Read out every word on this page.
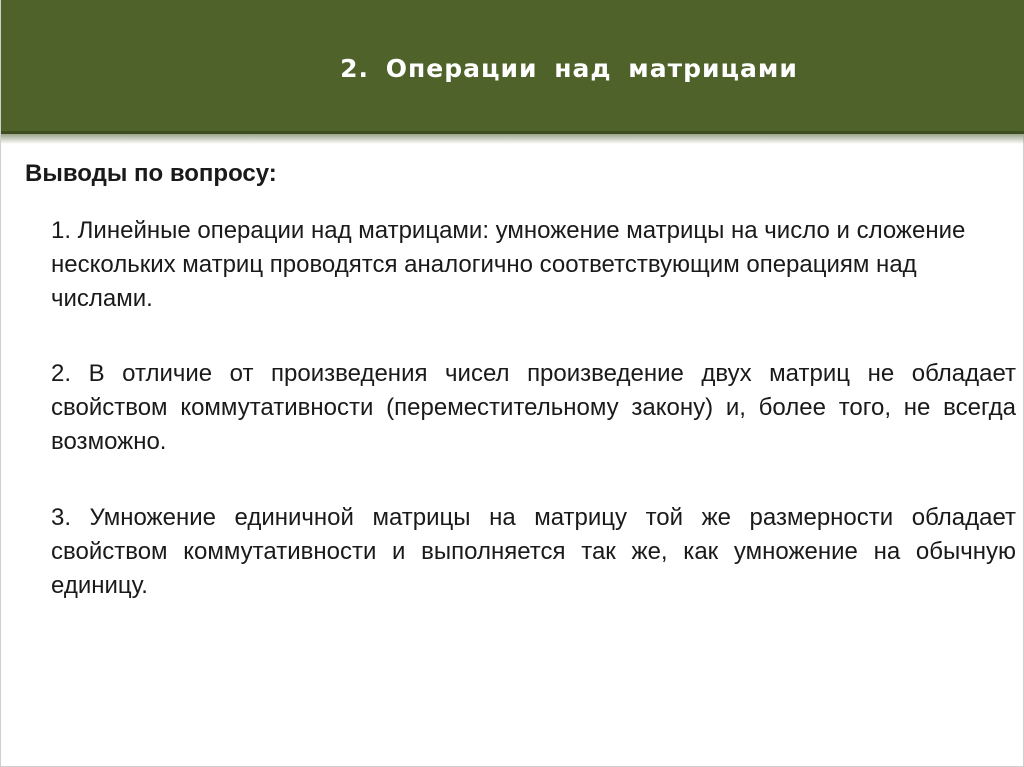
2. Операции над матрицами
Выводы по вопросу:

1. Линейные операции над матрицами: умножение матрицы на число и сложение нескольких матриц проводятся аналогично соответствующим операциям над числами.

2. В отличие от произведения чисел произведение двух матриц не обладает свойством коммутативности (переместительному закону) и, более того, не всегда возможно.

3. Умножение единичной матрицы на матрицу той же размерности обладает свойством коммутативности и выполняется так же, как умножение на обычную единицу.
